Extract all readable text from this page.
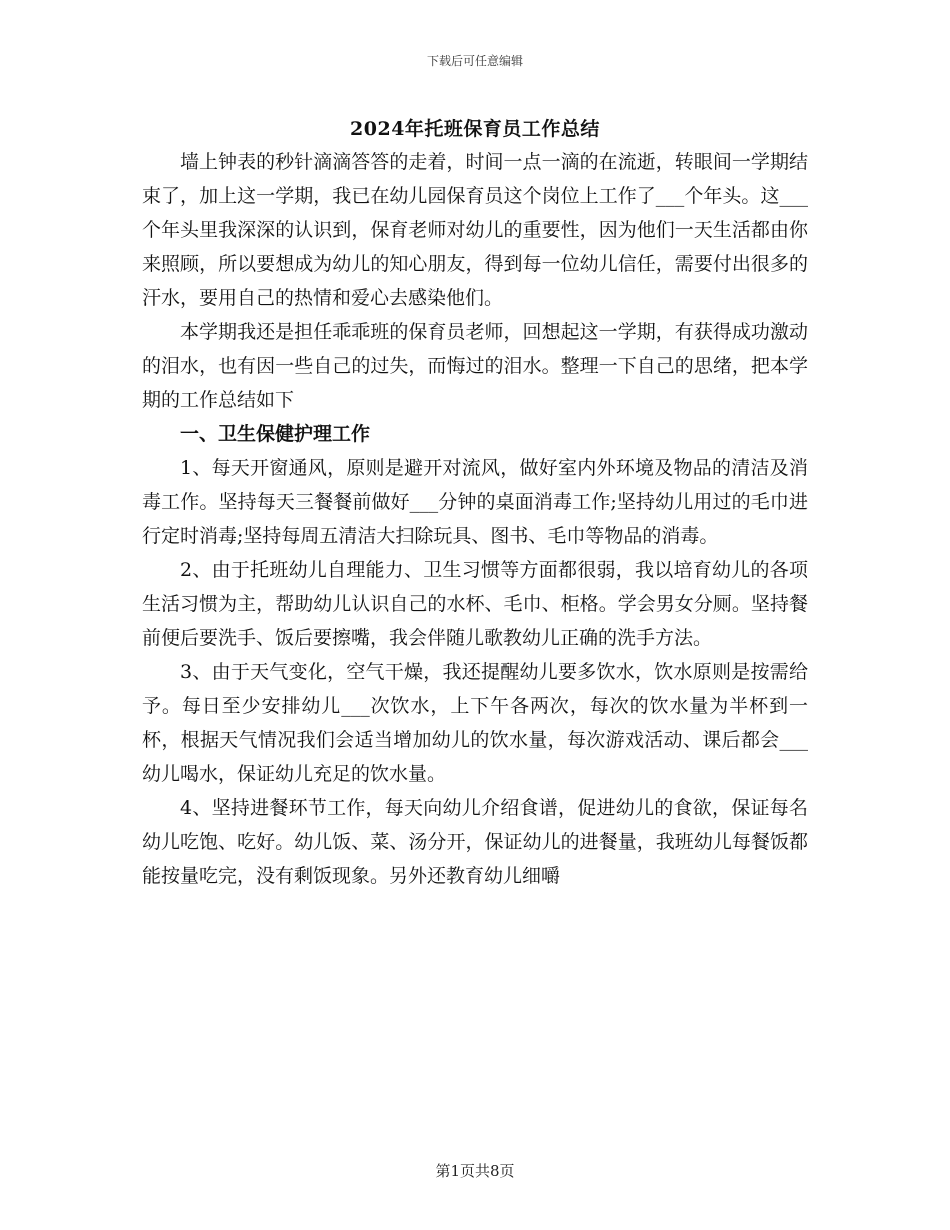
下载后可任意编辑
2024年托班保育员工作总结

墙上钟表的秒针滴滴答答的走着，时间一点一滴的在流逝，转眼间一学期结束了，加上这一学期，我已在幼儿园保育员这个岗位上工作了___个年头。这___个年头里我深深的认识到，保育老师对幼儿的重要性，因为他们一天生活都由你来照顾，所以要想成为幼儿的知心朋友，得到每一位幼儿信任，需要付出很多的汗水，要用自己的热情和爱心去感染他们。

本学期我还是担任乖乖班的保育员老师，回想起这一学期，有获得成功激动的泪水，也有因一些自己的过失，而悔过的泪水。整理一下自己的思绪，把本学期的工作总结如下

一、卫生保健护理工作

1、每天开窗通风，原则是避开对流风，做好室内外环境及物品的清洁及消毒工作。坚持每天三餐餐前做好___分钟的桌面消毒工作;坚持幼儿用过的毛巾进行定时消毒;坚持每周五清洁大扫除玩具、图书、毛巾等物品的消毒。

2、由于托班幼儿自理能力、卫生习惯等方面都很弱，我以培育幼儿的各项生活习惯为主，帮助幼儿认识自己的水杯、毛巾、柜格。学会男女分厕。坚持餐前便后要洗手、饭后要擦嘴，我会伴随儿歌教幼儿正确的洗手方法。

3、由于天气变化，空气干燥，我还提醒幼儿要多饮水，饮水原则是按需给予。每日至少安排幼儿___次饮水，上下午各两次，每次的饮水量为半杯到一杯，根据天气情况我们会适当增加幼儿的饮水量，每次游戏活动、课后都会___幼儿喝水，保证幼儿充足的饮水量。

4、坚持进餐环节工作，每天向幼儿介绍食谱，促进幼儿的食欲，保证每名幼儿吃饱、吃好。幼儿饭、菜、汤分开，保证幼儿的进餐量，我班幼儿每餐饭都能按量吃完，没有剩饭现象。另外还教育幼儿细嚼

第1页共8页
